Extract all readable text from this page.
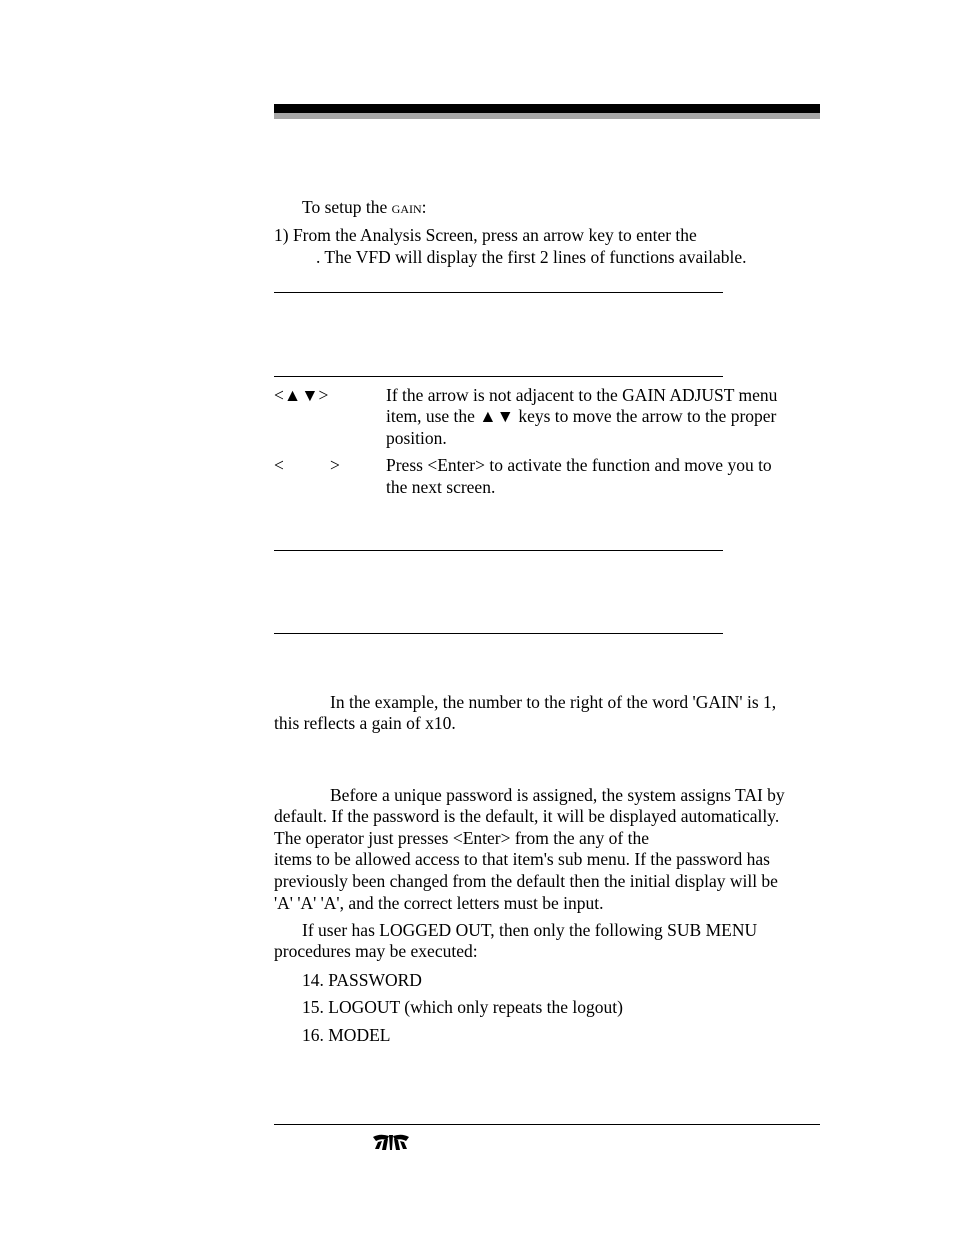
To setup the gain:
1) From the Analysis Screen, press an arrow key to enter the
. The VFD will display the first 2 lines of functions available.
<▲▼>	If the arrow is not adjacent to the GAIN ADJUST menu
item, use the ▲▼ keys to move the arrow to the proper
position.
<	>	Press <Enter> to activate the function and move you to
the next screen.
In the example, the number to the right of the word 'GAIN' is 1,
this reflects a gain of x10.
Before a unique password is assigned, the system assigns TAI by
default. If the password is the default, it will be displayed automatically.
The operator just presses <Enter> from the any of the
items to be allowed access to that item's sub menu. If the password has
previously been changed from the default then the initial display will be
'A' 'A' 'A', and the correct letters must be input.
If user has LOGGED OUT, then only the following SUB MENU
procedures may be executed:
14. PASSWORD
15. LOGOUT (which only repeats the logout)
16. MODEL
